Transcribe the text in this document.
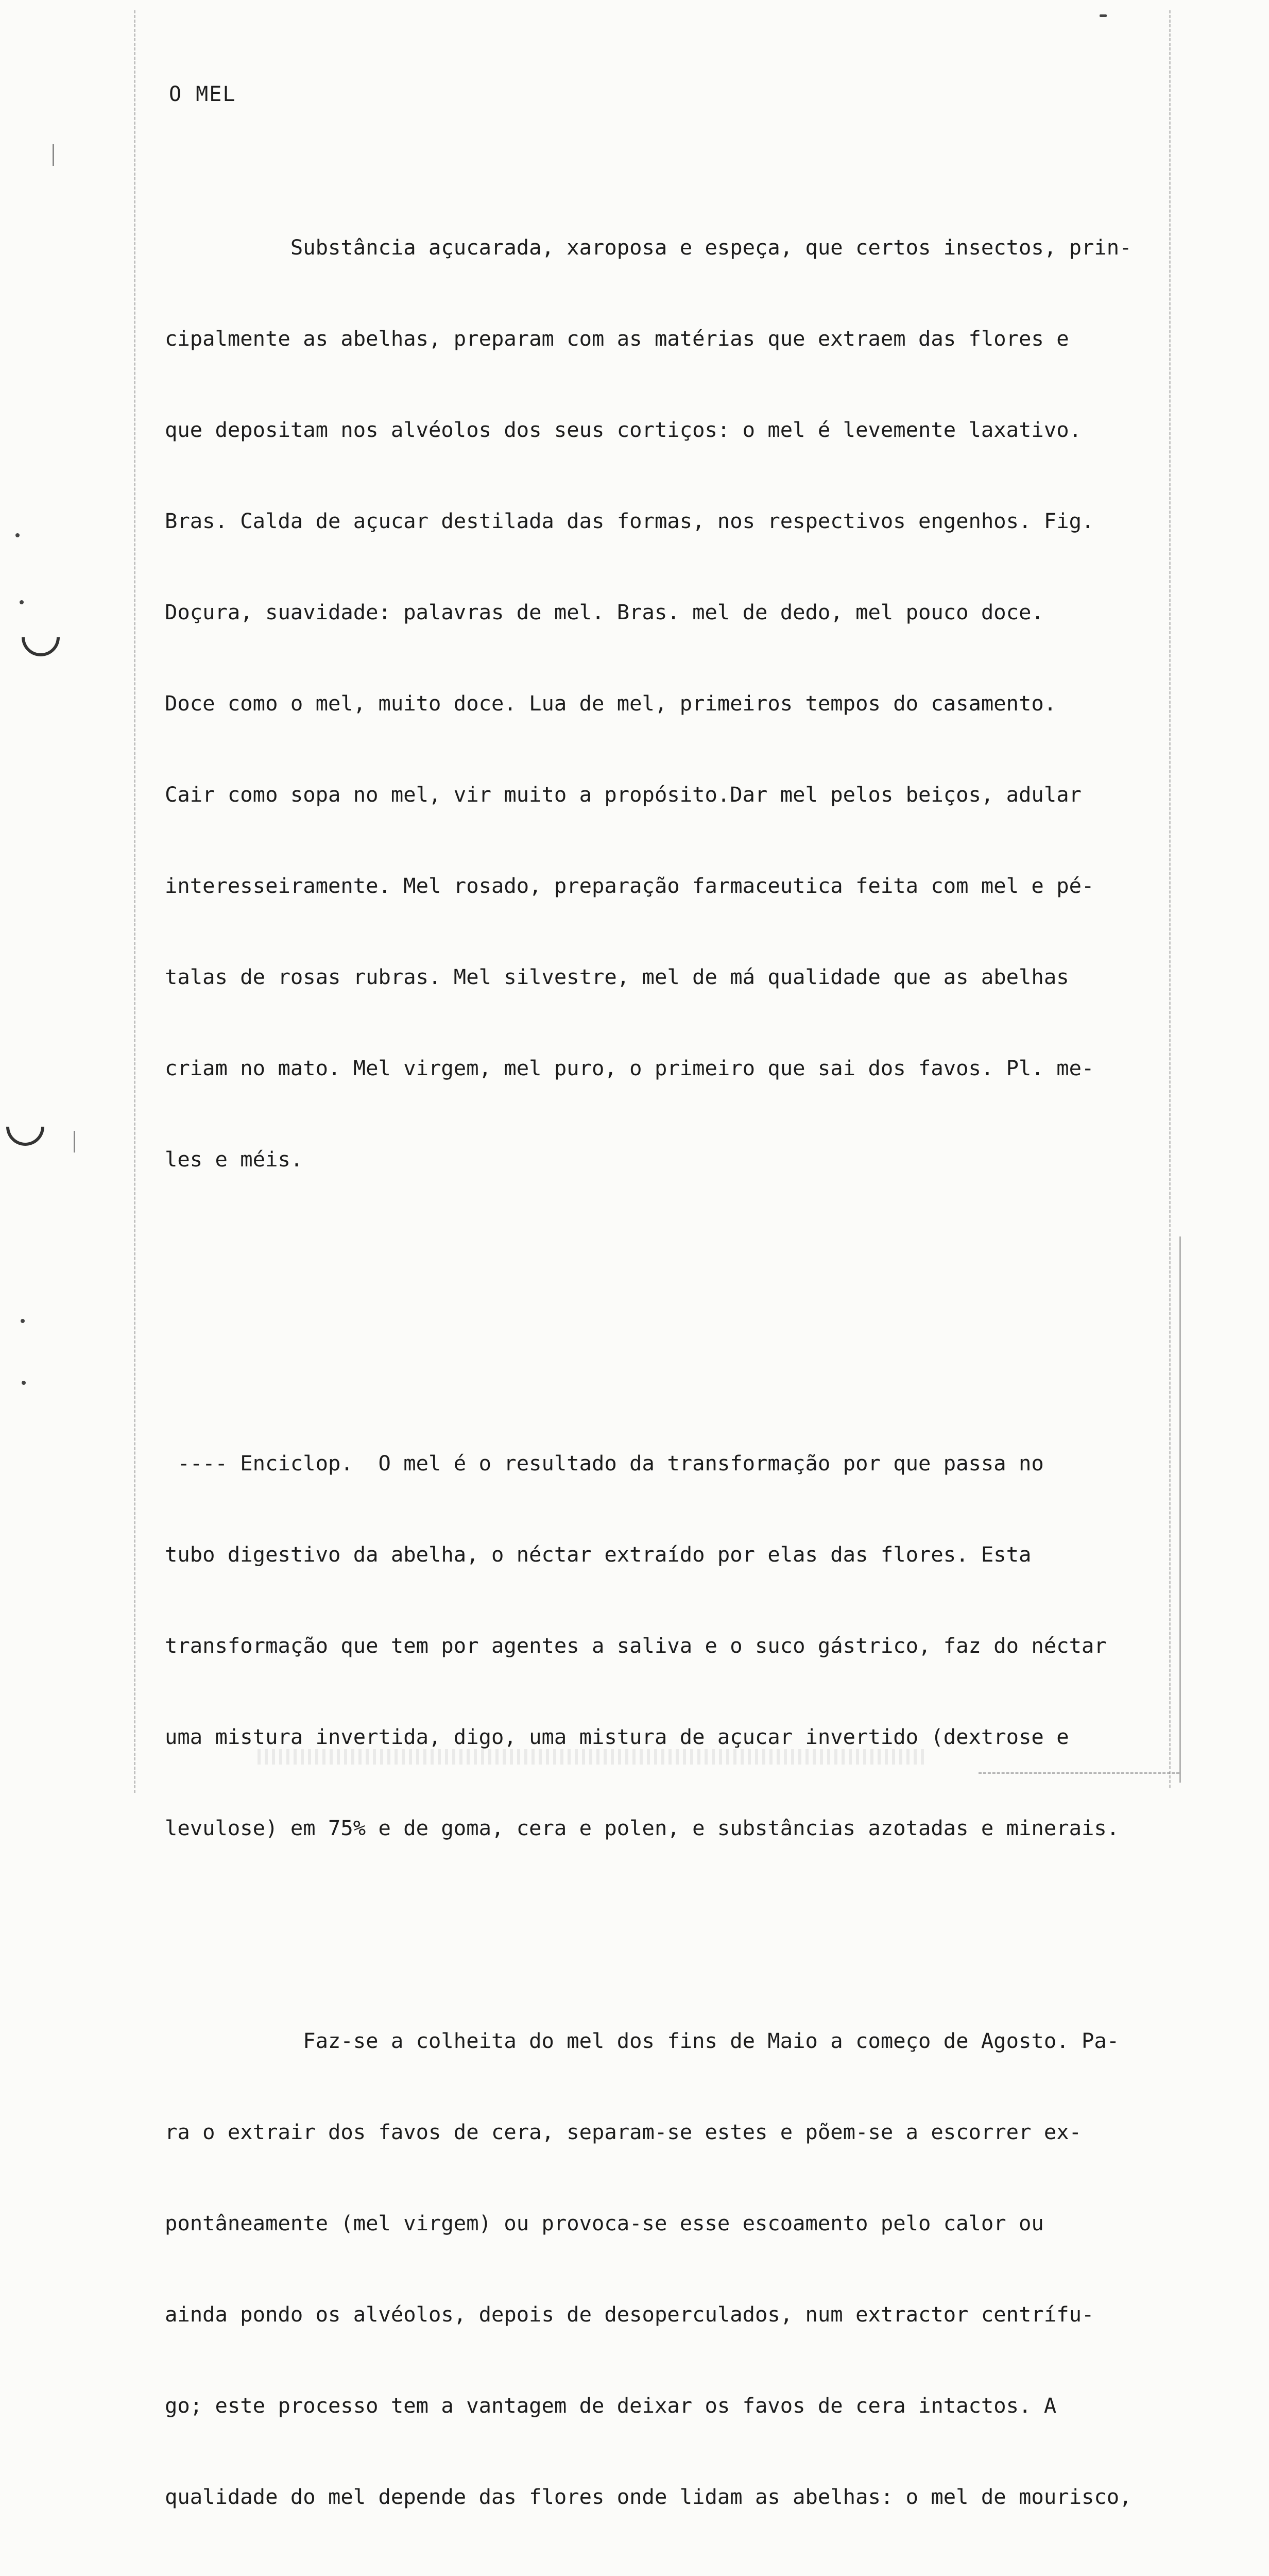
O MEL

Substância açucarada, xaroposa e espeça, que certos insectos, prin-

cipalmente as abelhas, preparam com as matérias que extraem das flores e

que depositam nos alvéolos dos seus cortiços: o mel é levemente laxativo.

Bras. Calda de açucar destilada das formas, nos respectivos engenhos. Fig.

Doçura, suavidade: palavras de mel. Bras. mel de dedo, mel pouco doce.

Doce como o mel, muito doce. Lua de mel, primeiros tempos do casamento.

Cair como sopa no mel, vir muito a propósito.Dar mel pelos beiços, adular

interesseiramente. Mel rosado, preparação farmaceutica feita com mel e pé-

talas de rosas rubras. Mel silvestre, mel de má qualidade que as abelhas

criam no mato. Mel virgem, mel puro, o primeiro que sai dos favos. Pl. me-

les e méis.

---- Enciclop.  O mel é o resultado da transformação por que passa no

tubo digestivo da abelha, o néctar extraído por elas das flores. Esta

transformação que tem por agentes a saliva e o suco gástrico, faz do néctar

uma mistura invertida, digo, uma mistura de açucar invertido (dextrose e

levulose) em 75% e de goma, cera e polen, e substâncias azotadas e minerais.

Faz-se a colheita do mel dos fins de Maio a começo de Agosto. Pa-

ra o extrair dos favos de cera, separam-se estes e põem-se a escorrer ex-

pontâneamente (mel virgem) ou provoca-se esse escoamento pelo calor ou

ainda pondo os alvéolos, depois de desoperculados, num extractor centrífu-

go; este processo tem a vantagem de deixar os favos de cera intactos. A

qualidade do mel depende das flores onde lidam as abelhas: o mel de mourisco,
